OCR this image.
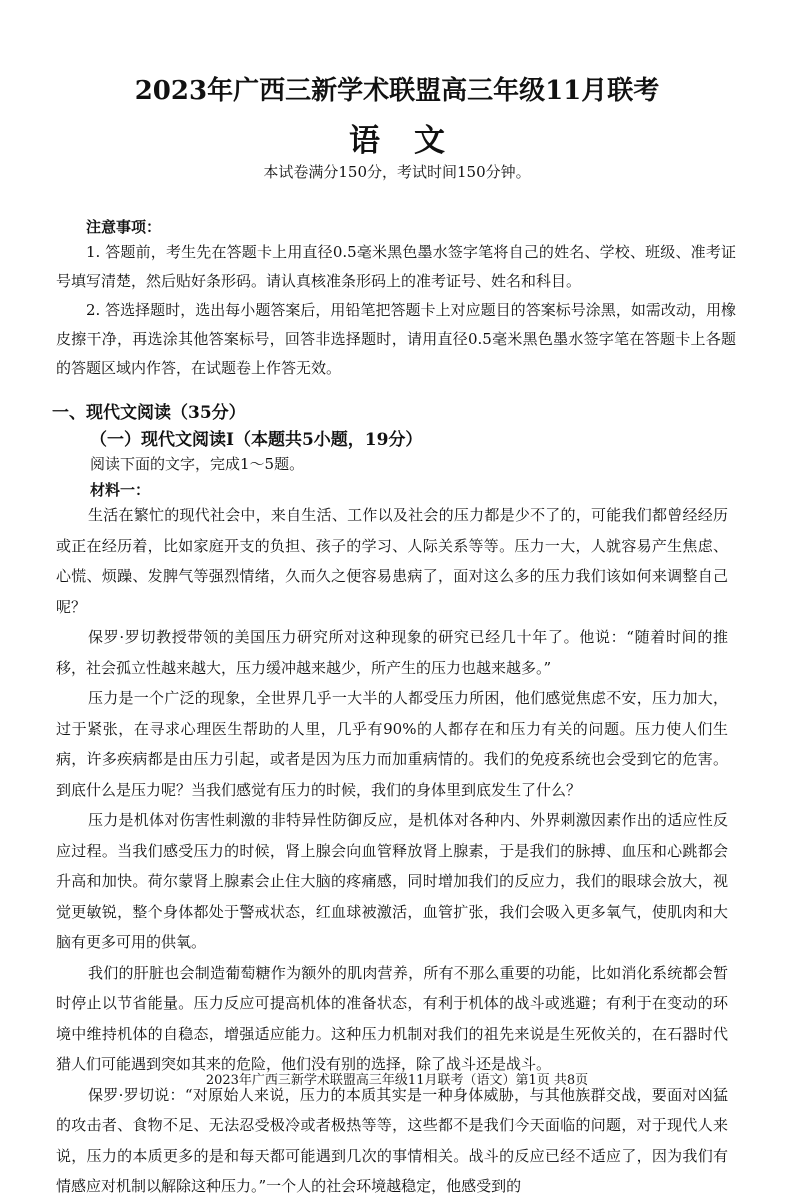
2023年广西三新学术联盟高三年级11月联考
语文
本试卷满分150分，考试时间150分钟。
注意事项：
1. 答题前，考生先在答题卡上用直径0.5毫米黑色墨水签字笔将自己的姓名、学校、班级、准考证号填写清楚，然后贴好条形码。请认真核准条形码上的准考证号、姓名和科目。
2. 答选择题时，选出每小题答案后，用铅笔把答题卡上对应题目的答案标号涂黑，如需改动，用橡皮擦干净，再选涂其他答案标号，回答非选择题时，请用直径0.5毫米黑色墨水签字笔在答题卡上各题的答题区域内作答，在试题卷上作答无效。
一、现代文阅读（35分）
（一）现代文阅读Ⅰ（本题共5小题，19分）
阅读下面的文字，完成1～5题。
材料一：

生活在繁忙的现代社会中，来自生活、工作以及社会的压力都是少不了的，可能我们都曾经经历或正在经历着，比如家庭开支的负担、孩子的学习、人际关系等等。压力一大，人就容易产生焦虑、心慌、烦躁、发脾气等强烈情绪，久而久之便容易患病了，面对这么多的压力我们该如何来调整自己呢？

保罗·罗切教授带领的美国压力研究所对这种现象的研究已经几十年了。他说：“随着时间的推移，社会孤立性越来越大，压力缓冲越来越少，所产生的压力也越来越多。”

压力是一个广泛的现象，全世界几乎一大半的人都受压力所困，他们感觉焦虑不安，压力加大，过于紧张，在寻求心理医生帮助的人里，几乎有90%的人都存在和压力有关的问题。压力使人们生病，许多疾病都是由压力引起，或者是因为压力而加重病情的。我们的免疫系统也会受到它的危害。到底什么是压力呢？当我们感觉有压力的时候，我们的身体里到底发生了什么？

压力是机体对伤害性刺激的非特异性防御反应，是机体对各种内、外界刺激因素作出的适应性反应过程。当我们感受压力的时候，肾上腺会向血管释放肾上腺素，于是我们的脉搏、血压和心跳都会升高和加快。荷尔蒙肾上腺素会止住大脑的疼痛感，同时增加我们的反应力，我们的眼球会放大，视觉更敏锐，整个身体都处于警戒状态，红血球被激活，血管扩张，我们会吸入更多氧气，使肌肉和大脑有更多可用的供氧。

我们的肝脏也会制造葡萄糖作为额外的肌肉营养，所有不那么重要的功能，比如消化系统都会暂时停止以节省能量。压力反应可提高机体的准备状态，有利于机体的战斗或逃避；有利于在变动的环境中维持机体的自稳态，增强适应能力。这种压力机制对我们的祖先来说是生死攸关的，在石器时代猎人们可能遇到突如其来的危险，他们没有别的选择，除了战斗还是战斗。

保罗·罗切说：“对原始人来说，压力的本质其实是一种身体威胁，与其他族群交战，要面对凶猛的攻击者、食物不足、无法忍受极冷或者极热等等，这些都不是我们今天面临的问题，对于现代人来说，压力的本质更多的是和每天都可能遇到几次的事情相关。战斗的反应已经不适应了，因为我们有情感应对机制以解除这种压力。”一个人的社会环境越稳定，他感受到的

2023年广西三新学术联盟高三年级11月联考（语文）第1页 共8页
